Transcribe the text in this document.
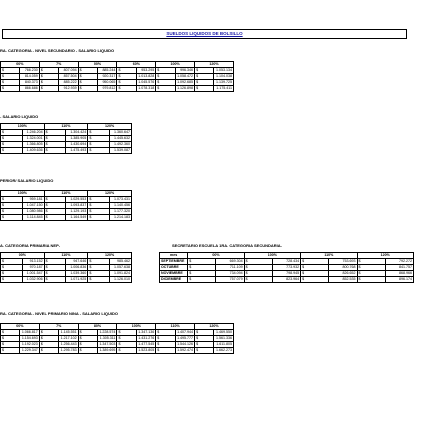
SUELDOS LIQUIDOS DE BOLSILLO
RA. CATEGORIA - NIVEL SECUNDARIO - SALARIO LIQUIDO
00%		7%		00%		60%		100%		120%	
$	766.230	$	807.094	$	885.244	$	953.295	$	996.346	$	1.053.134
$	814.059	$	857.504	$	920.317	$	1.013.828	$	1.058.472	$	1.104.038
$	840.373	$	885.222	$	950.065	$	1.045.576	$	1.092.685	$	1.139.725
$	866.686	$	912.939	$	979.812	$	1.078.318	$	1.126.898	$	1.175.411
- SALARIO LIQUIDO
100%		110%		120%	
$	1.246.204	$	1.304.424	$	1.360.647
$	1.324.001	$	1.385.905	$	1.445.632
$	1.366.805	$	1.430.694	$	1.492.360
$	1.409.636	$	1.475.493	$	1.539.087
PERIOR/ SALARIO LIQUIDO
100%		110%		120%	
$	959.181	$	1.029.553	$	1.073.431
$	1.047.150	$	1.093.837	$	1.140.456
$	1.080.986	$	1.129.193	$	1.177.320
$	1.114.845	$	1.164.549	$	1.214.183
A. CATEGORIA PRIMARIA NEP-
00%		110%		120%	
$	913.152	$	947.646	$	985.462
$	970.187	$	1.006.836	$	1.057.638
$	1.001.547	$	1.039.360	$	1.091.824
$	1.032.906	$	1.071.925	$	1.126.010
SECRETARIO ESCUELA 1RA. CATEGORIA SECUNDARIA-
mes	00%		100%		110%		120%	
SEPTIEMBRE	$	669.304	$	728.434	$	753.693	$	792.272
OCTUBRE	$	711.109	$	773.932	$	800.768	$	841.757
NOVIEMBRE	$	734.094	$	798.945	$	826.652	$	868.966
DICIEMBRE	$	757.079	$	823.964	$	852.535	$	896.174
RA. CATEGORIA - NIVEL PRIMARIO NINA - SALARIO LIQUIDO
00%		7%		80%		100%		110%		120%	
$	1.066.817	$	1.145.551	$	1.228.574	$	1.347.136	$	1.407.944	$	1.469.550
$	1.154.693	$	1.217.102	$	1.305.311	$	1.431.276	$	1.495.777	$	1.561.336
$	1.192.023	$	1.256.443	$	1.347.503	$	1.477.545	$	1.544.126	$	1.611.805
$	1.229.347	$	1.295.783	$	1.389.695	$	1.523.805	$	1.592.474	$	1.662.273
